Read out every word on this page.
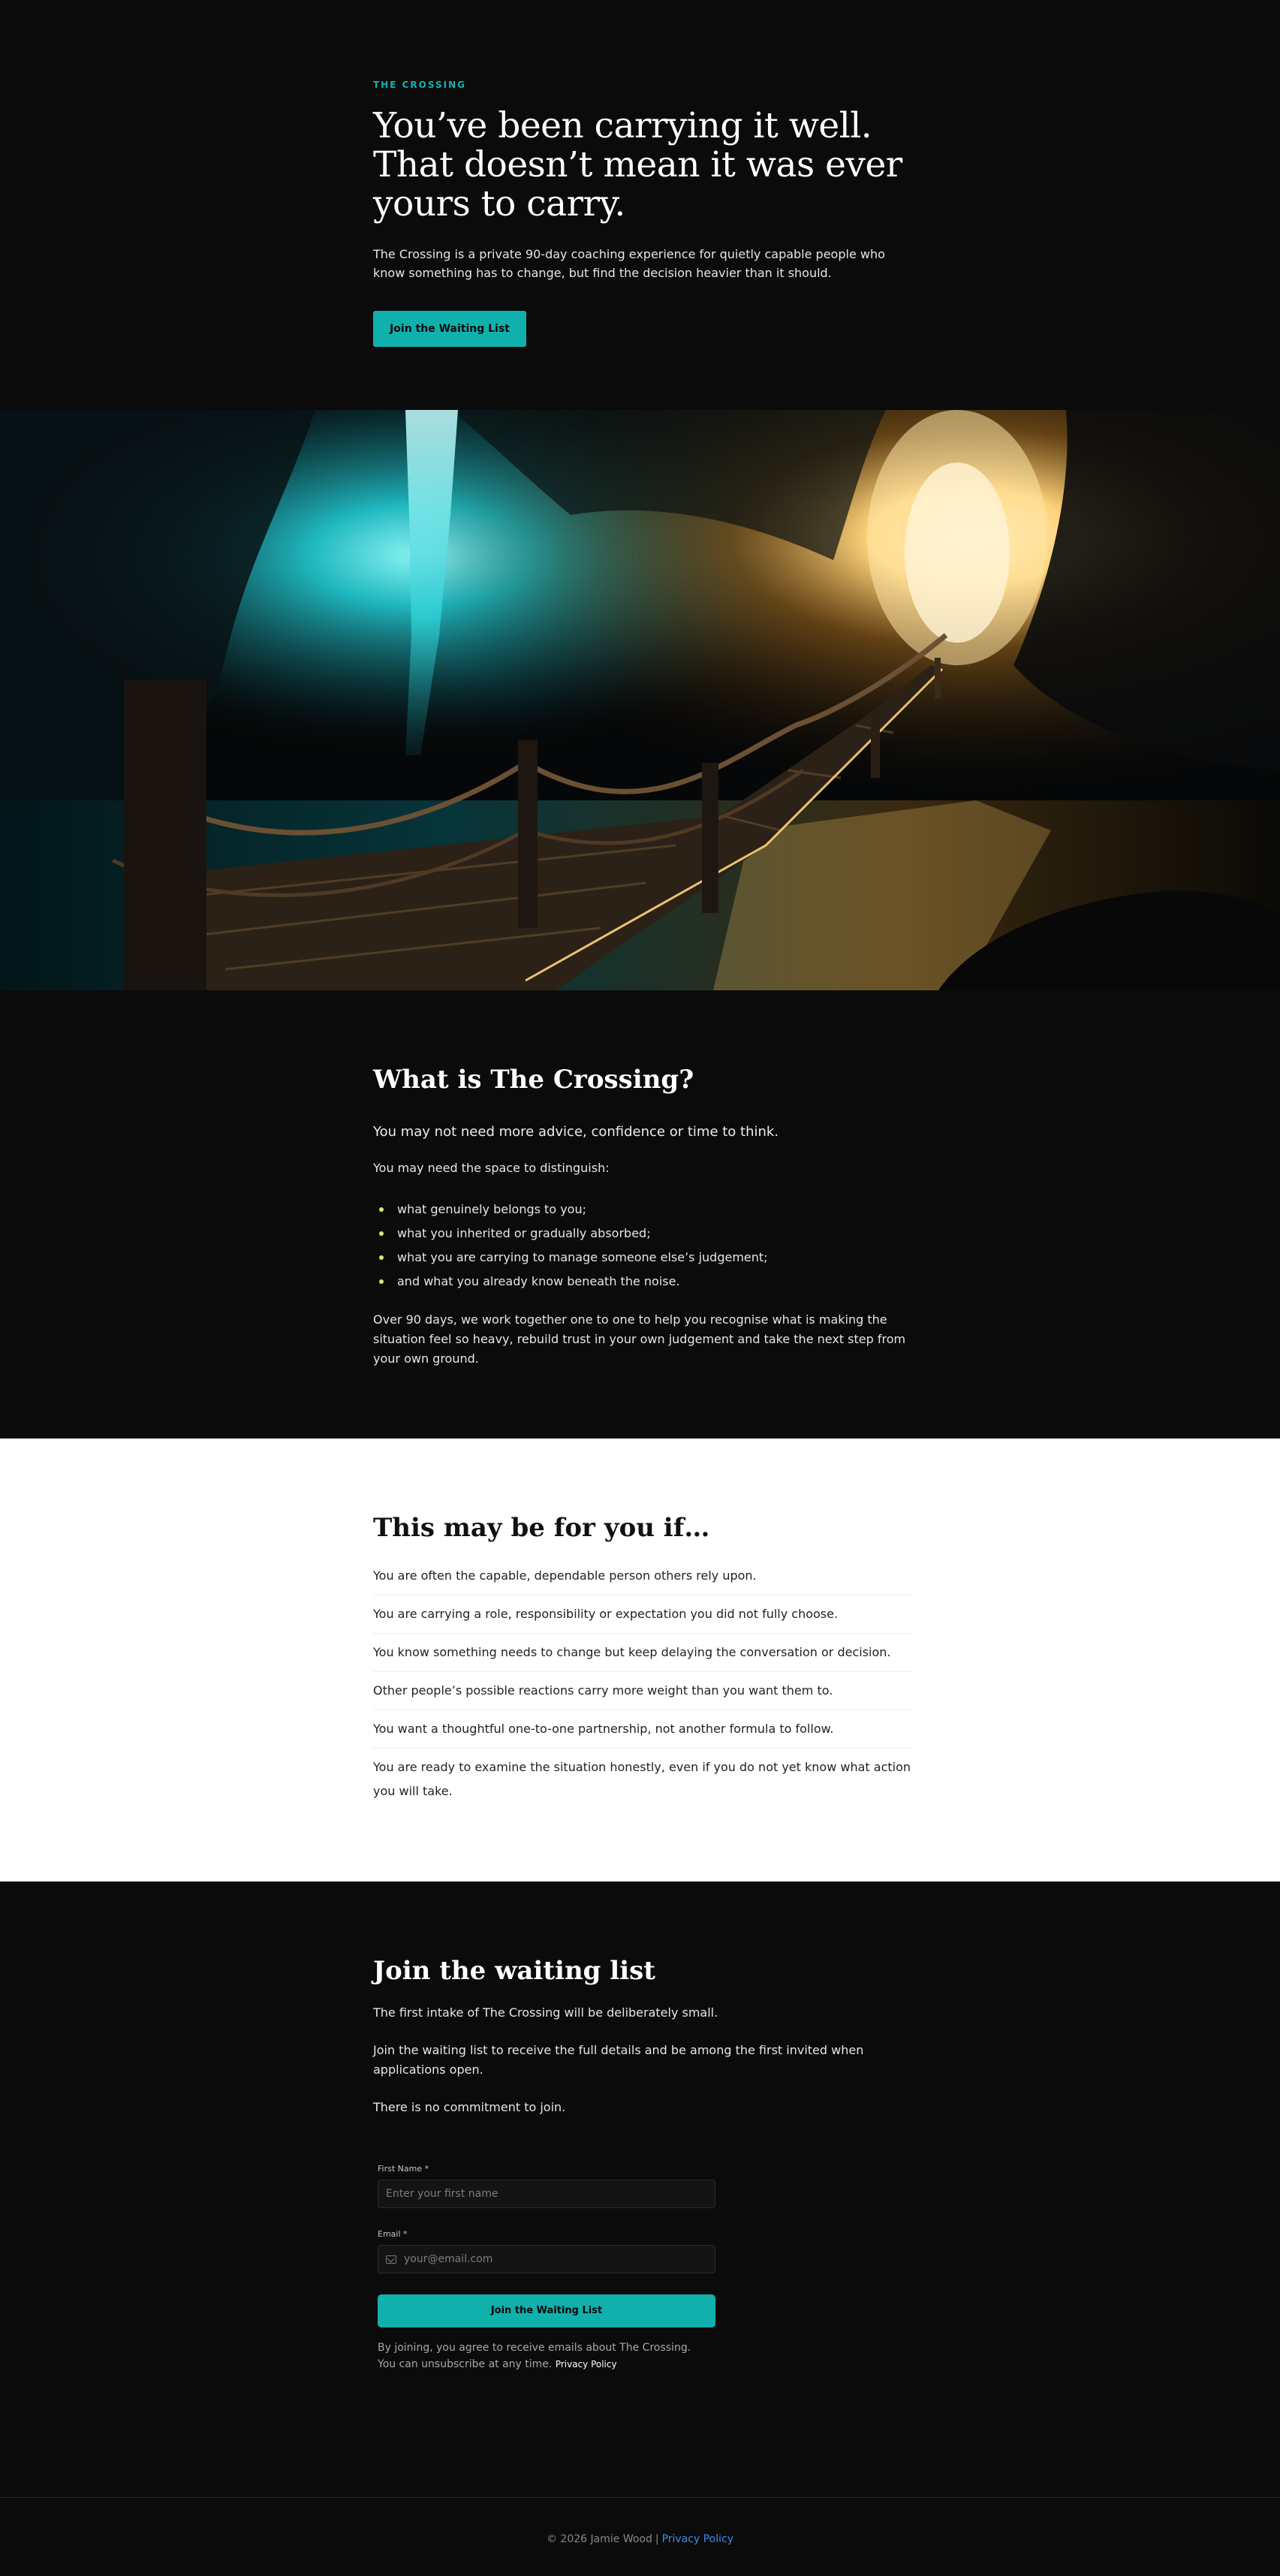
THE CROSSING
You’ve been carrying it well. That doesn’t mean it was ever yours to carry.

The Crossing is a private 90-day coaching experience for quietly capable people who know something has to change, but find the decision heavier than it should.

Join the Waiting List
What is The Crossing?

You may not need more advice, confidence or time to think.

You may need the space to distinguish:

what genuinely belongs to you;
what you inherited or gradually absorbed;
what you are carrying to manage someone else’s judgement;
and what you already know beneath the noise.

Over 90 days, we work together one to one to help you recognise what is making the situation feel so heavy, rebuild trust in your own judgement and take the next step from your own ground.

This may be for you if…
You are often the capable, dependable person others rely upon.
You are carrying a role, responsibility or expectation you did not fully choose.
You know something needs to change but keep delaying the conversation or decision.
Other people’s possible reactions carry more weight than you want them to.
You want a thoughtful one-to-one partnership, not another formula to follow.
You are ready to examine the situation honestly, even if you do not yet know what action you will take.
Join the waiting list

The first intake of The Crossing will be deliberately small.

Join the waiting list to receive the full details and be among the first invited when applications open.

There is no commitment to join.

First Name *
Enter your first name
Email *
your@email.com
Join the Waiting List
By joining, you agree to receive emails about The Crossing.
You can unsubscribe at any time. Privacy Policy
© 2026 Jamie Wood | Privacy Policy
